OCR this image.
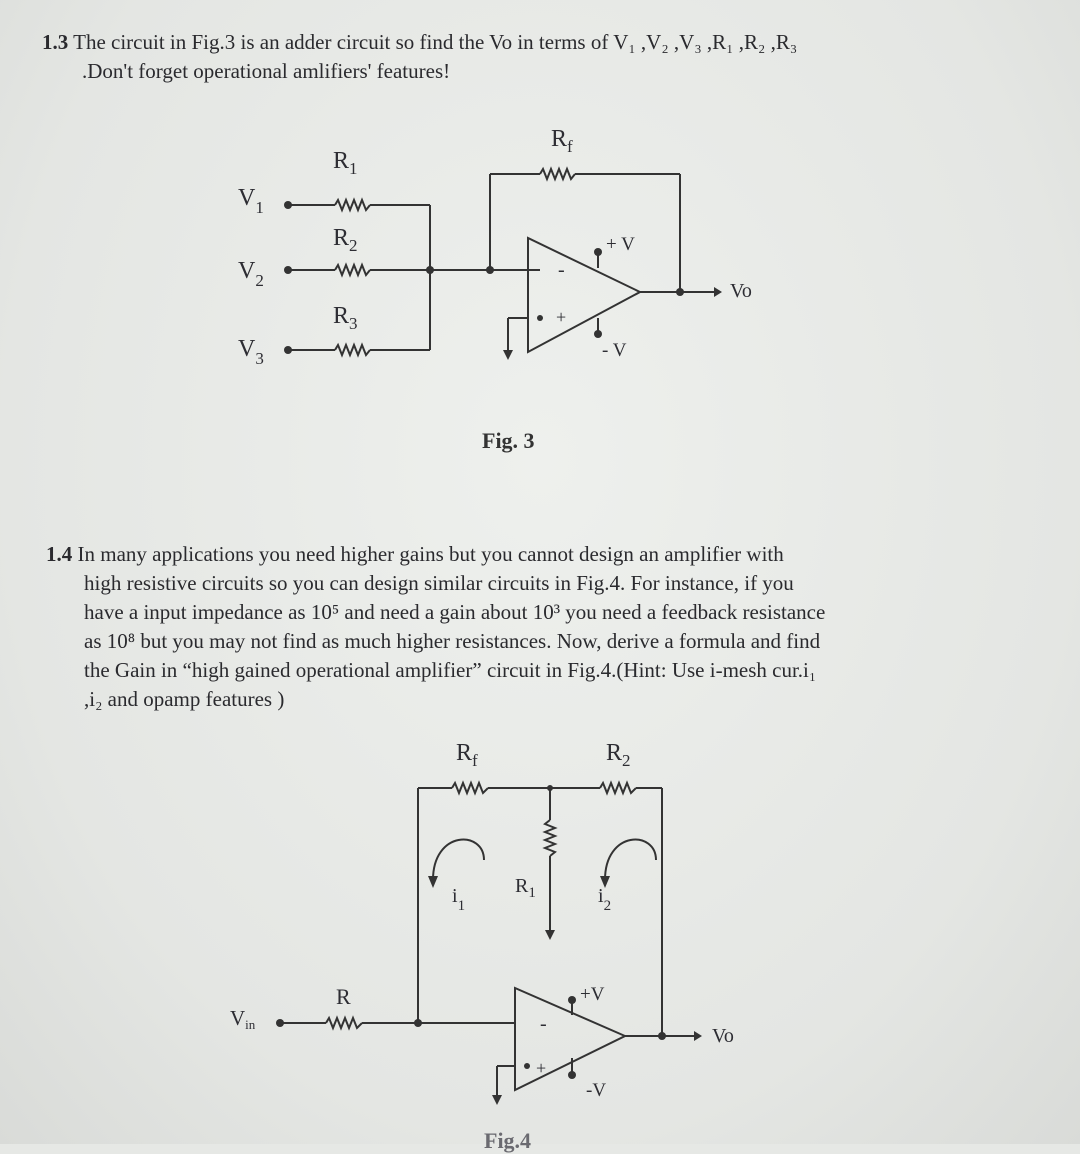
1.3 The circuit in Fig.3 is an adder circuit so find the Vo in terms of V₁ ,V₂ ,V₃ ,R₁ ,R₂ ,R₃
.Don't forget operational amlifiers' features!
$R_f$
$R_1$
$R_2$
$R_3$
$V_1$
$V_2$
$V_3$
+ V
- V
-
+
Vo
$R_f$	$R_2$
$R_1$
$i_1$	$i_2$
R
Vin
+V
-V
-
+
Vo
Fig. 3
1.4 In many applications you need higher gains but you cannot design an amplifier with
high resistive circuits so you can design similar circuits in Fig.4. For instance, if you
have a input impedance as 10⁵ and need a gain about 10³ you need a feedback resistance
as 10⁸ but you may not find as much higher resistances. Now, derive a formula and find
the Gain in “high gained operational amplifier” circuit in Fig.4.(Hint: Use i-mesh cur.i₁
,i₂ and opamp features )
Fig.4
